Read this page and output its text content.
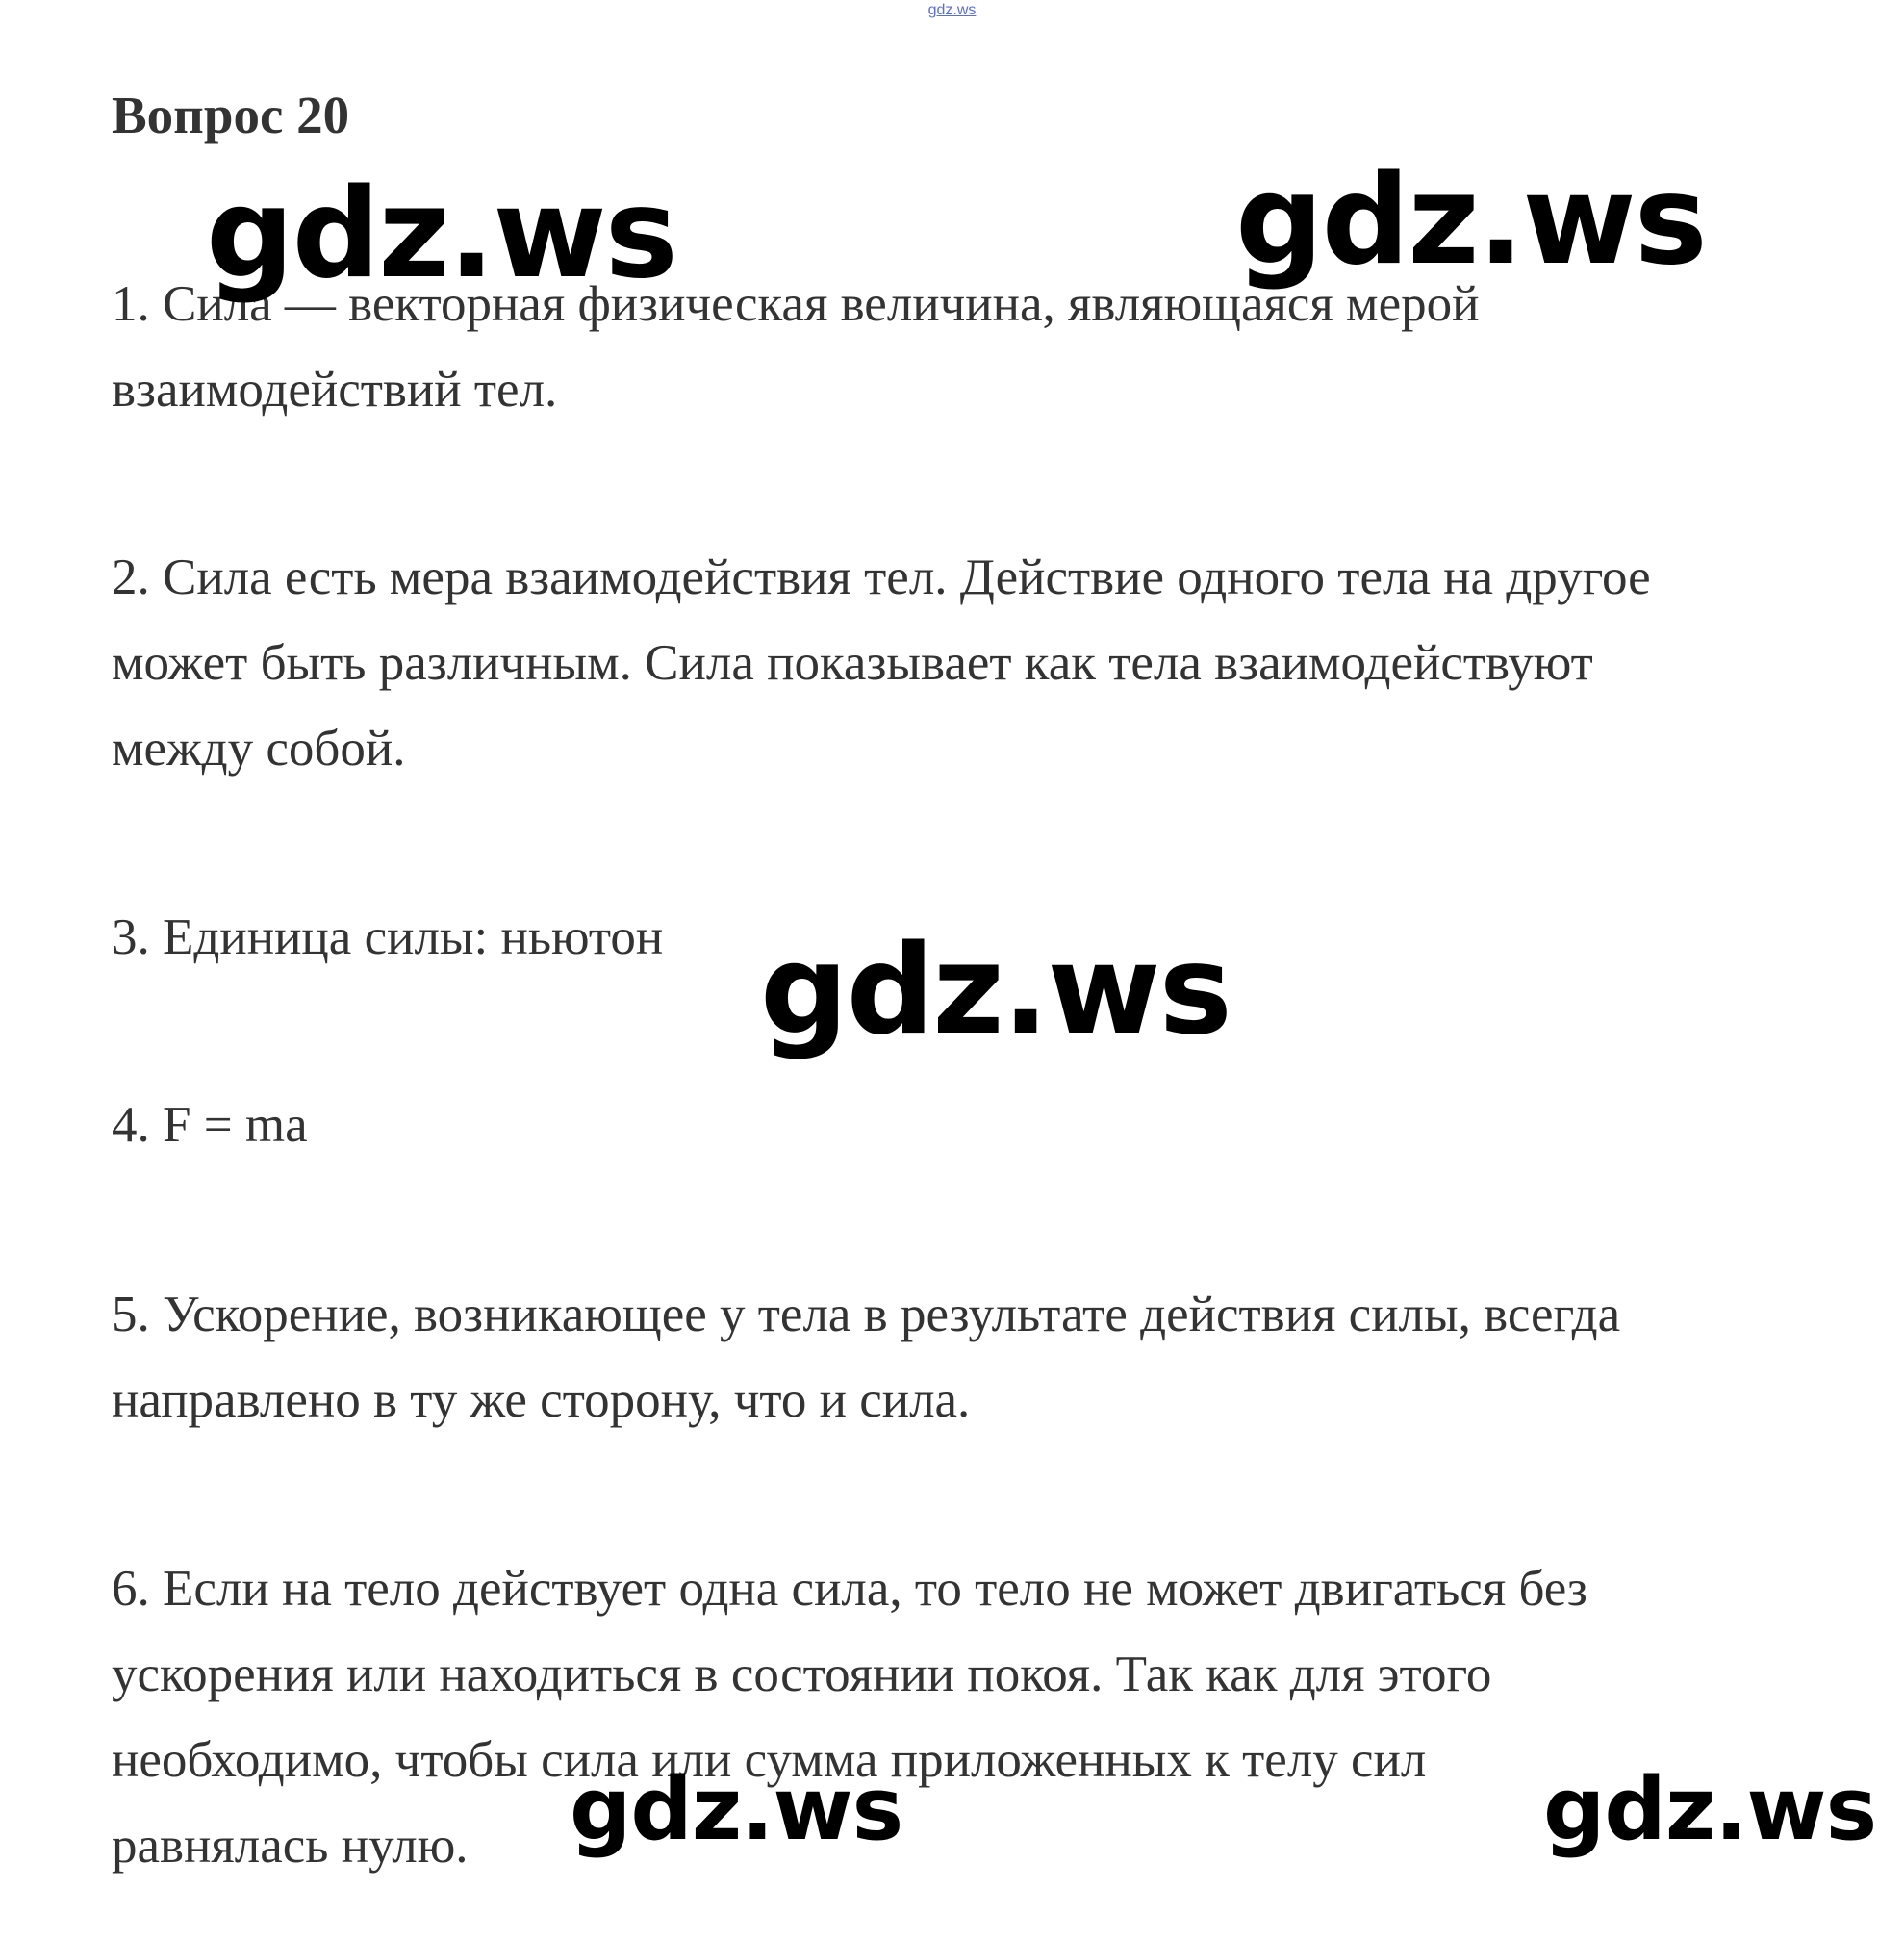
gdz.ws
Вопрос 20

1. Сила — векторная физическая величина, являющаяся мерой
взаимодействий тел.

2. Сила есть мера взаимодействия тел. Действие одного тела на другое
может быть различным. Сила показывает как тела взаимодействуют
между собой.

3. Единица силы: ньютон

4. F = ma

5. Ускорение, возникающее у тела в результате действия силы, всегда
направлено в ту же сторону, что и сила.

6. Если на тело действует одна сила, то тело не может двигаться без
ускорения или находиться в состоянии покоя. Так как для этого
необходимо, чтобы сила или сумма приложенных к телу сил
равнялась нулю.

gdz.ws	gdz.ws
gdz.ws
gdz.ws	gdz.ws
